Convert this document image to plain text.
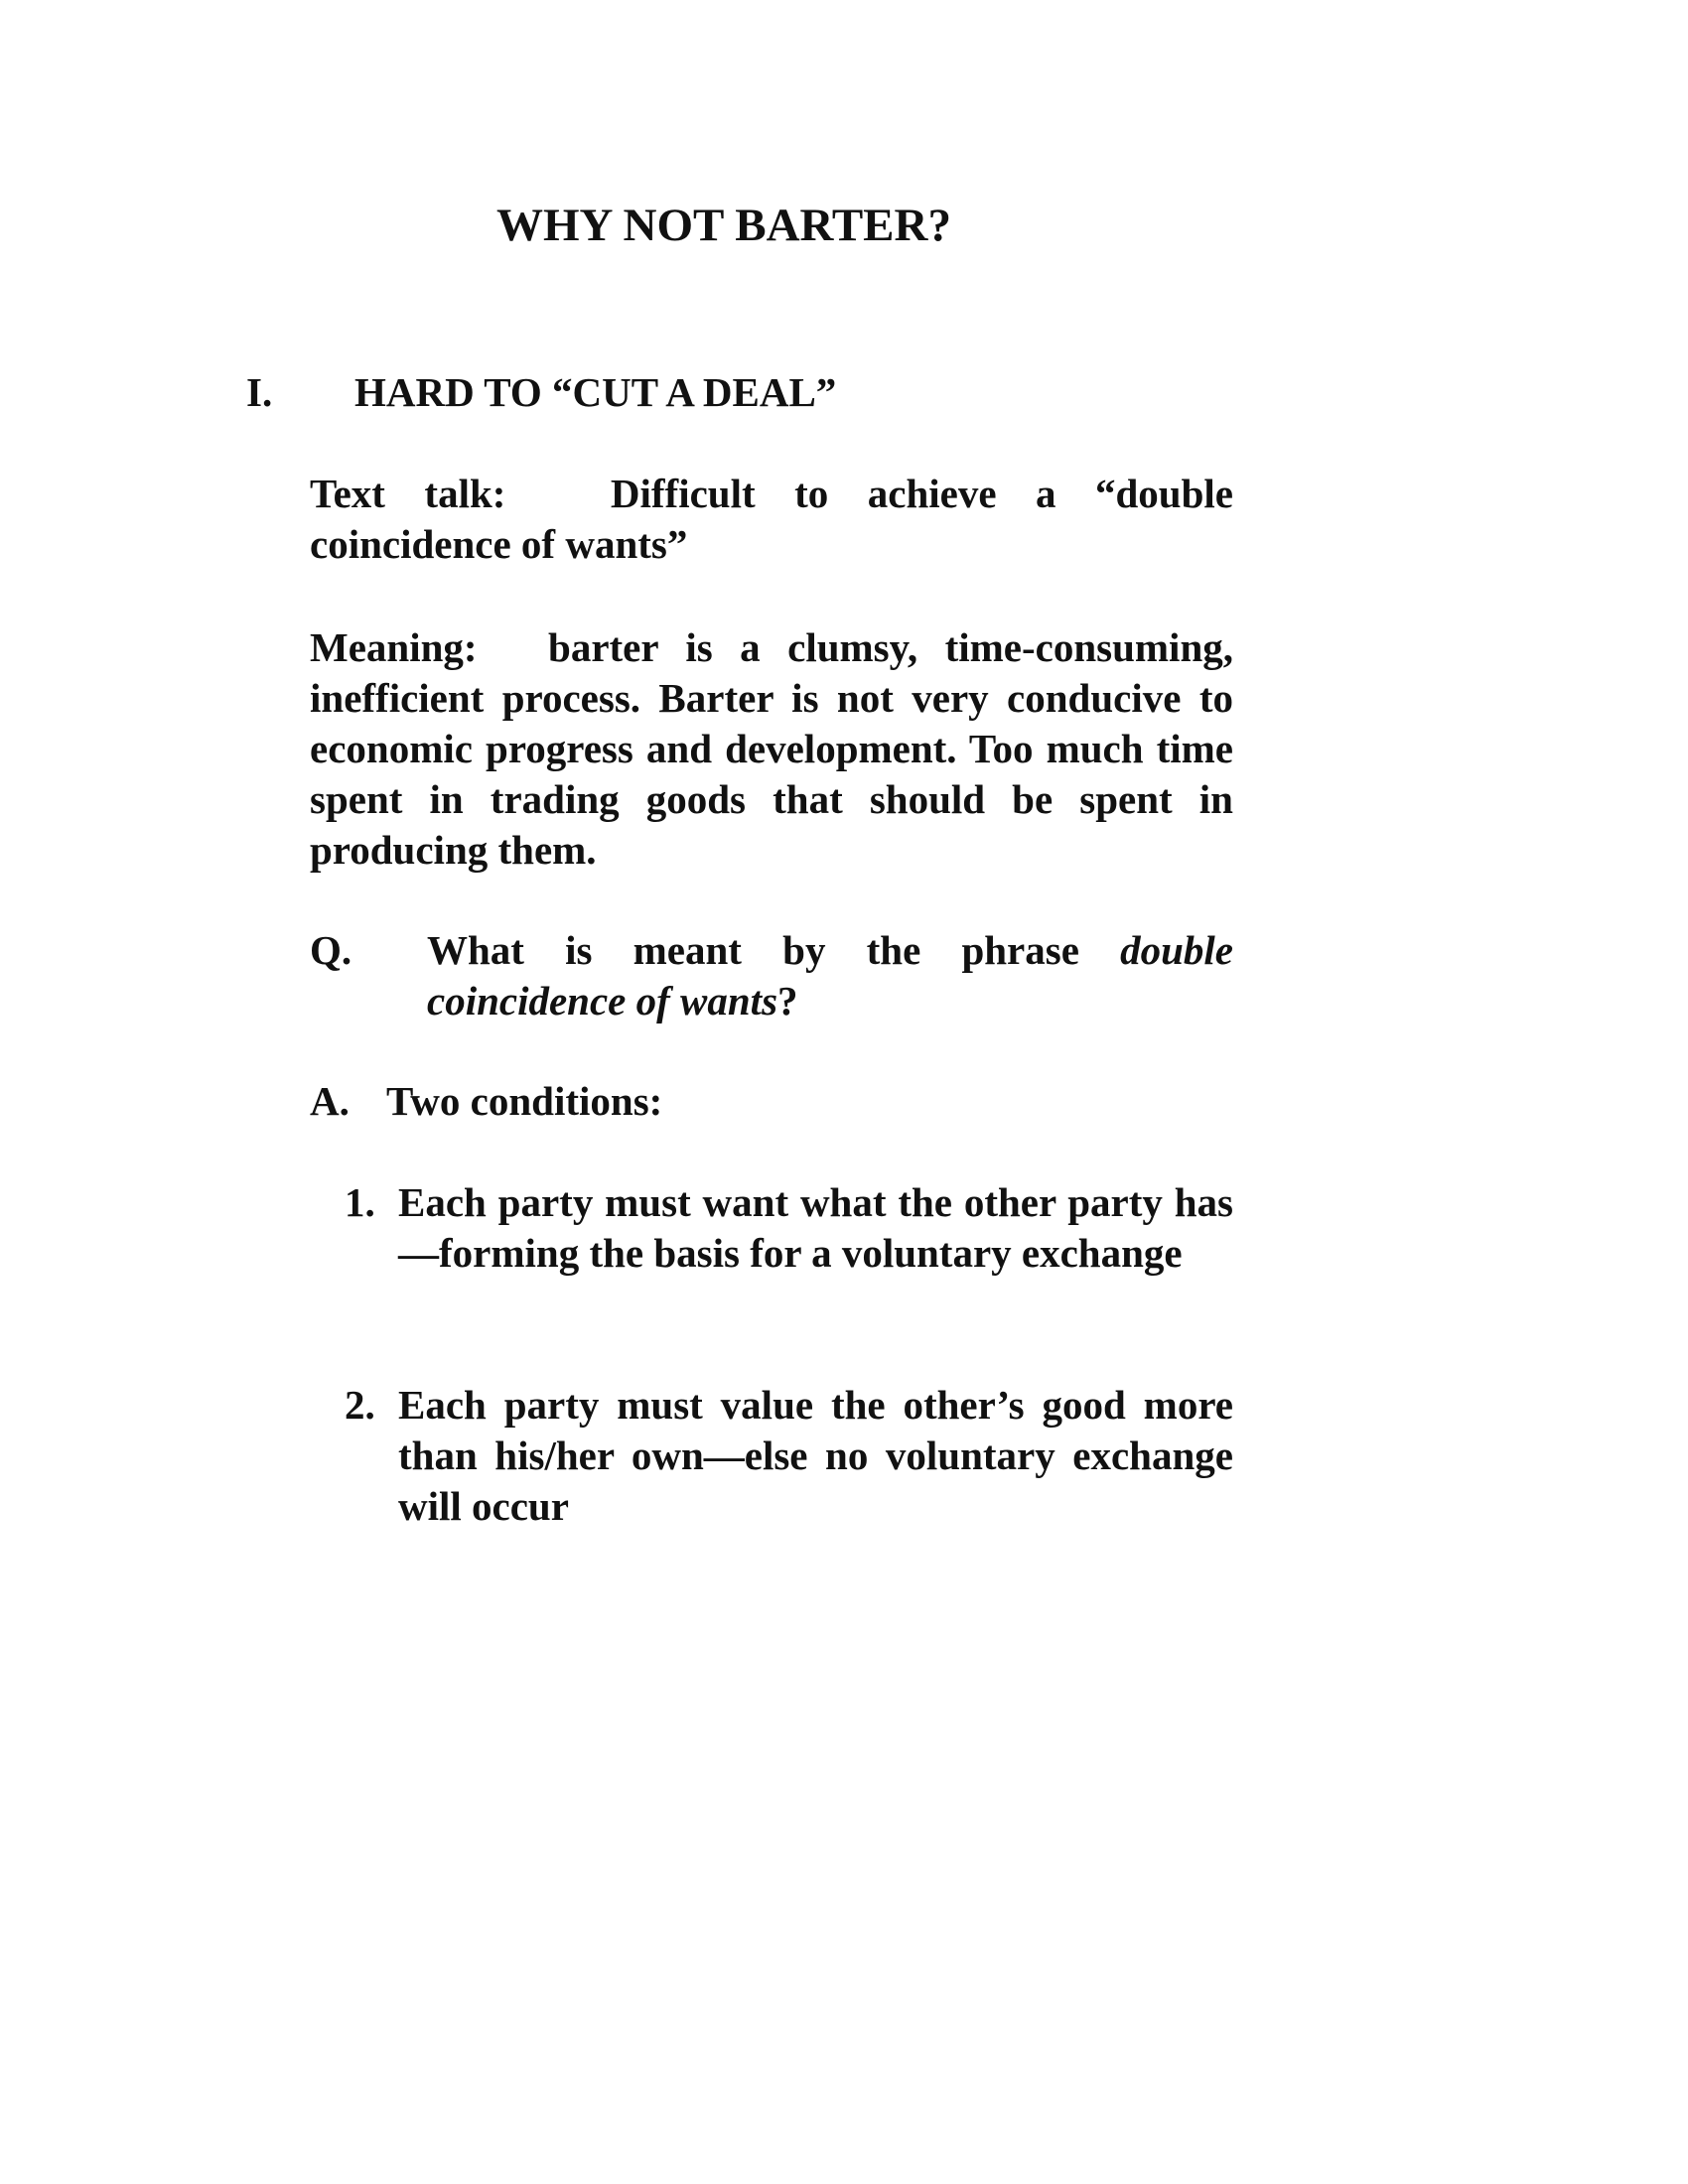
WHY NOT BARTER?
I. HARD TO “CUT A DEAL”
Text talk:	Difficult to achieve a “double coincidence of wants”
Meaning: barter is a clumsy, time-consuming, inefficient process. Barter is not very conducive to economic progress and development. Too much time spent in trading goods that should be spent in producing them.
Q. What is meant by the phrase double coincidence of wants?
A. Two conditions:
1. Each party must want what the other party has—forming the basis for a voluntary exchange
2. Each party must value the other’s good more than his/her own—else no voluntary exchange will occur
